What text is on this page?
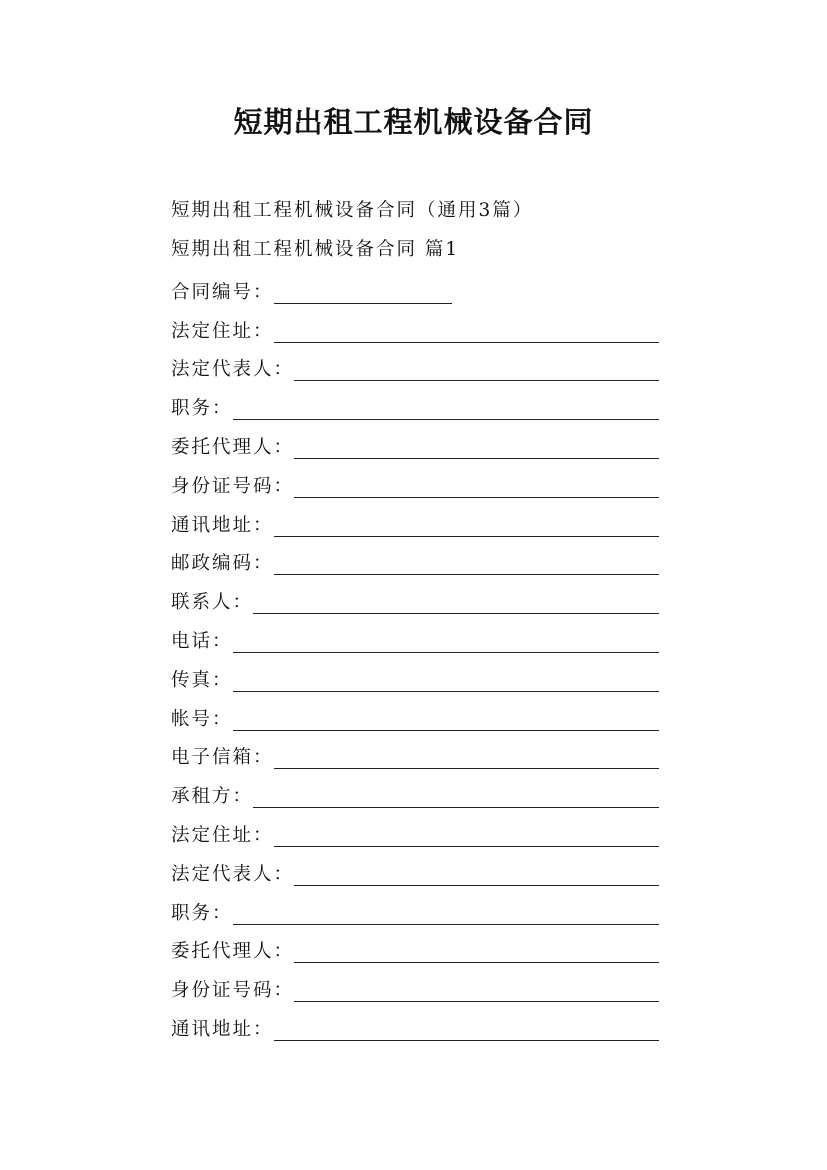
短期出租工程机械设备合同
短期出租工程机械设备合同（通用3篇）
短期出租工程机械设备合同 篇1
合同编号：
法定住址：
法定代表人：
职务：
委托代理人：
身份证号码：
通讯地址：
邮政编码：
联系人：
电话：
传真：
帐号：
电子信箱：
承租方：
法定住址：
法定代表人：
职务：
委托代理人：
身份证号码：
通讯地址：
